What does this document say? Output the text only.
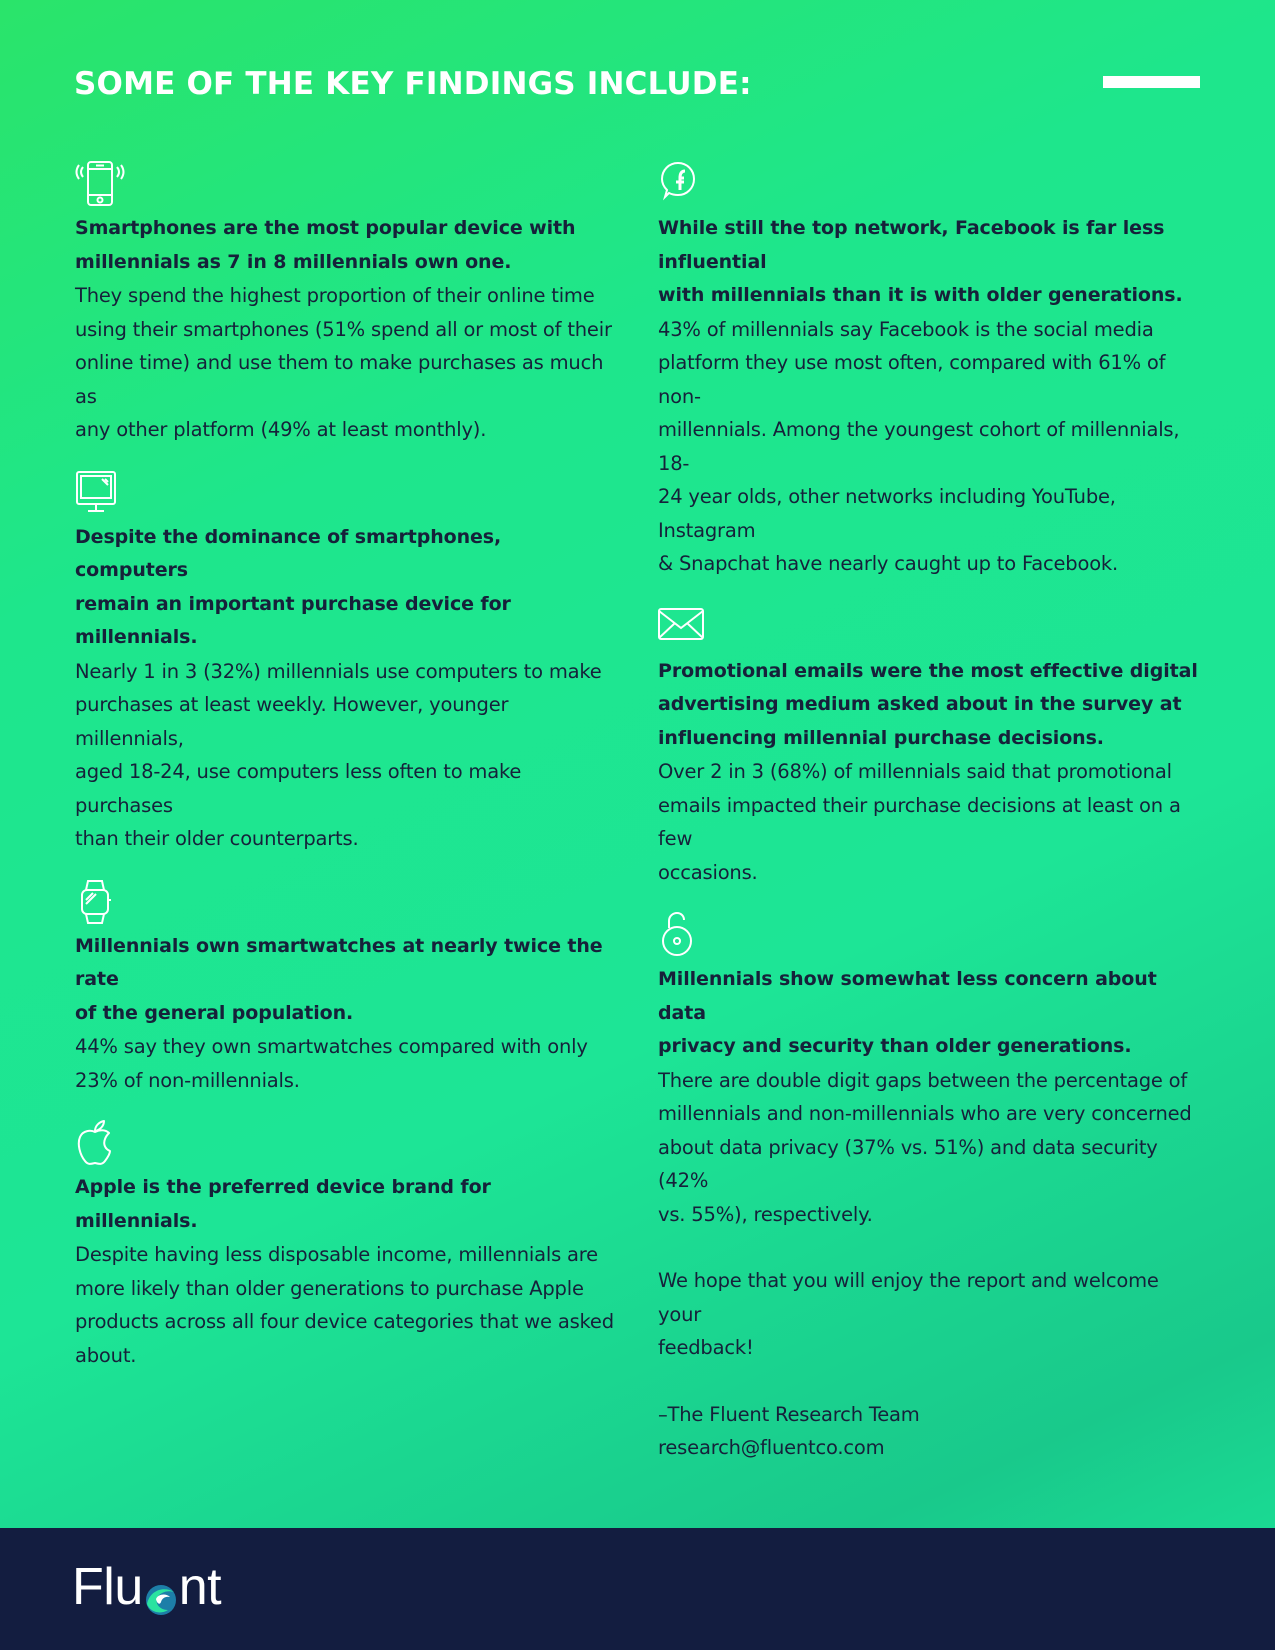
SOME OF THE KEY FINDINGS INCLUDE:

Smartphones are the most popular device with
millennials as 7 in 8 millennials own one.

They spend the highest proportion of their online time
using their smartphones (51% spend all or most of their
online time) and use them to make purchases as much as
any other platform (49% at least monthly).

Despite the dominance of smartphones, computers
remain an important purchase device for millennials.

Nearly 1 in 3 (32%) millennials use computers to make
purchases at least weekly. However, younger millennials,
aged 18-24, use computers less often to make purchases
than their older counterparts.

Millennials own smartwatches at nearly twice the rate
of the general population.

44% say they own smartwatches compared with only
23% of non-millennials.

Apple is the preferred device brand for millennials.

Despite having less disposable income, millennials are
more likely than older generations to purchase Apple
products across all four device categories that we asked
about.

While still the top network, Facebook is far less influential
with millennials than it is with older generations.

43% of millennials say Facebook is the social media
platform they use most often, compared with 61% of non-
millennials. Among the youngest cohort of millennials, 18-
24 year olds, other networks including YouTube, Instagram
& Snapchat have nearly caught up to Facebook.

Promotional emails were the most effective digital
advertising medium asked about in the survey at
influencing millennial purchase decisions.

Over 2 in 3 (68%) of millennials said that promotional
emails impacted their purchase decisions at least on a few
occasions.

Millennials show somewhat less concern about data
privacy and security than older generations.

There are double digit gaps between the percentage of
millennials and non-millennials who are very concerned
about data privacy (37% vs. 51%) and data security (42%
vs. 55%), respectively.

We hope that you will enjoy the report and welcome your
feedback!

–The Fluent Research Team
research@fluentco.com

Flu nt
